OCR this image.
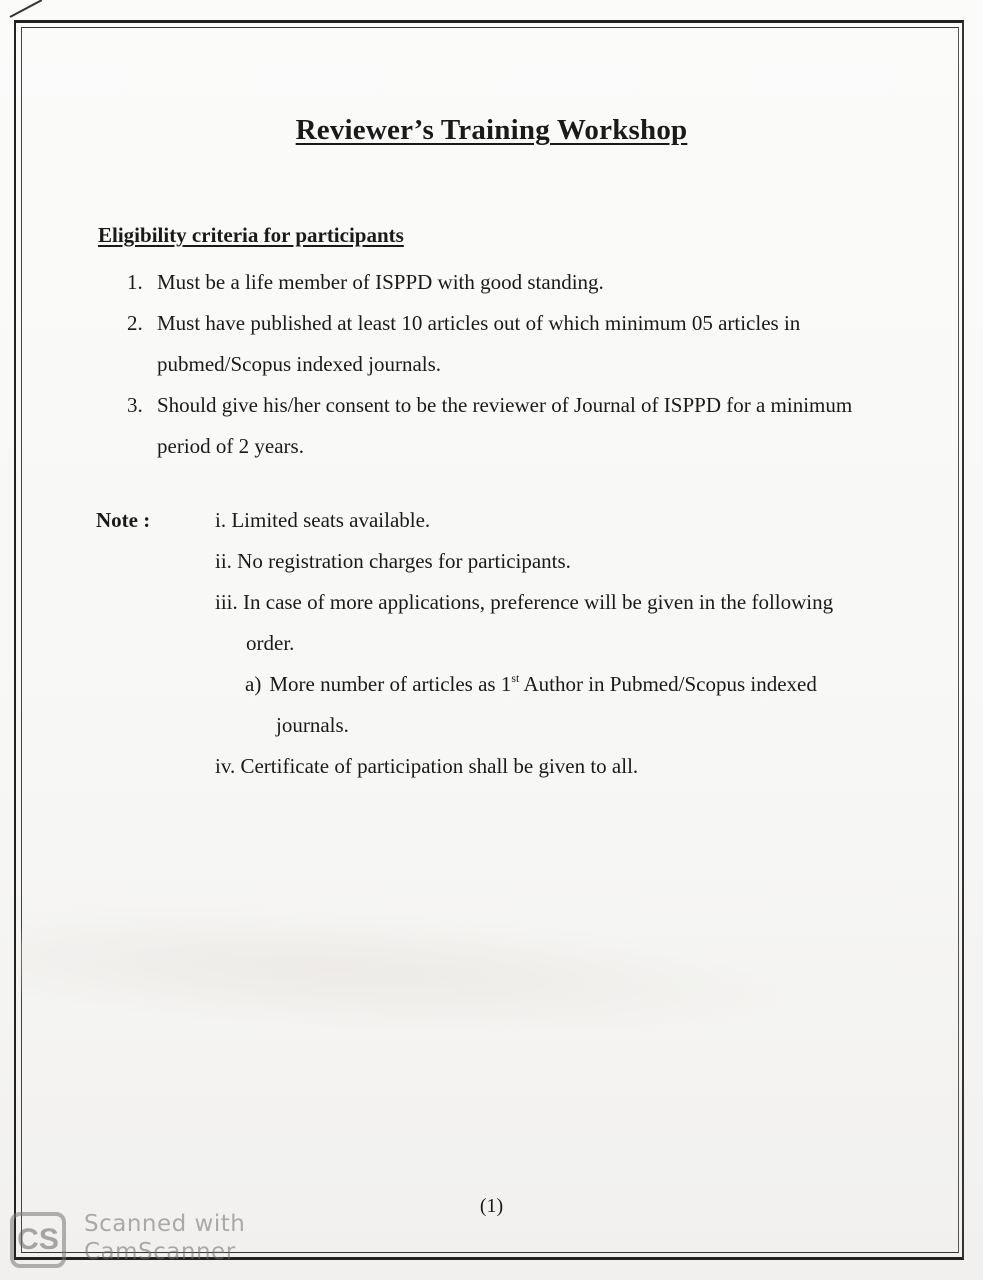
Reviewer’s Training Workshop
Eligibility criteria for participants
1. Must be a life member of ISPPD with good standing.
2. Must have published at least 10 articles out of which minimum 05 articles in
pubmed/Scopus indexed journals.
3. Should give his/her consent to be the reviewer of Journal of ISPPD for a minimum
period of 2 years.
Note :	i. Limited seats available.

ii. No registration charges for participants.

iii. In case of more applications, preference will be given in the following

order.

a) More number of articles as 1st Author in Pubmed/Scopus indexed

journals.

iv. Certificate of participation shall be given to all.

(1)
CS	Scanned with
CamScanner
